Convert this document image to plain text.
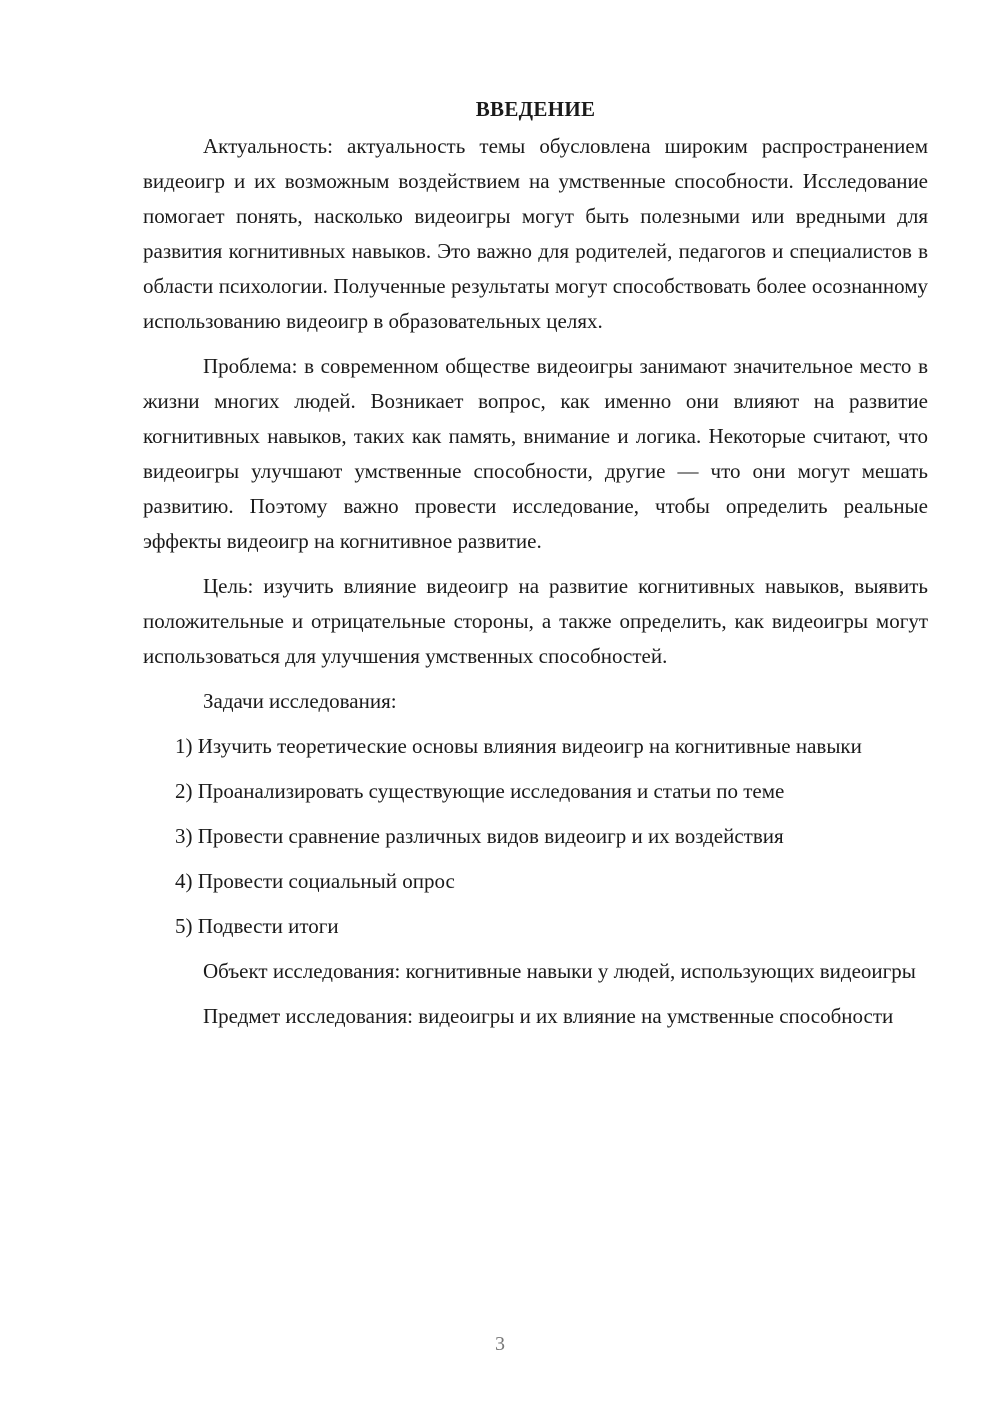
ВВЕДЕНИЕ

Актуальность: актуальность темы обусловлена широким распространением видеоигр и их возможным воздействием на умственные способности. Исследование помогает понять, насколько видеоигры могут быть полезными или вредными для развития когнитивных навыков. Это важно для родителей, педагогов и специалистов в области психологии. Полученные результаты могут способствовать более осознанному использованию видеоигр в образовательных целях.

Проблема: в современном обществе видеоигры занимают значительное место в жизни многих людей. Возникает вопрос, как именно они влияют на развитие когнитивных навыков, таких как память, внимание и логика. Некоторые считают, что видеоигры улучшают умственные способности, другие — что они могут мешать развитию. Поэтому важно провести исследование, чтобы определить реальные эффекты видеоигр на когнитивное развитие.

Цель: изучить влияние видеоигр на развитие когнитивных навыков, выявить положительные и отрицательные стороны, а также определить, как видеоигры могут использоваться для улучшения умственных способностей.

Задачи исследования:

1) Изучить теоретические основы влияния видеоигр на когнитивные навыки

2) Проанализировать существующие исследования и статьи по теме

3) Провести сравнение различных видов видеоигр и их воздействия

4) Провести социальный опрос

5) Подвести итоги

Объект исследования: когнитивные навыки у людей, использующих видеоигры

Предмет исследования: видеоигры и их влияние на умственные способности

3
